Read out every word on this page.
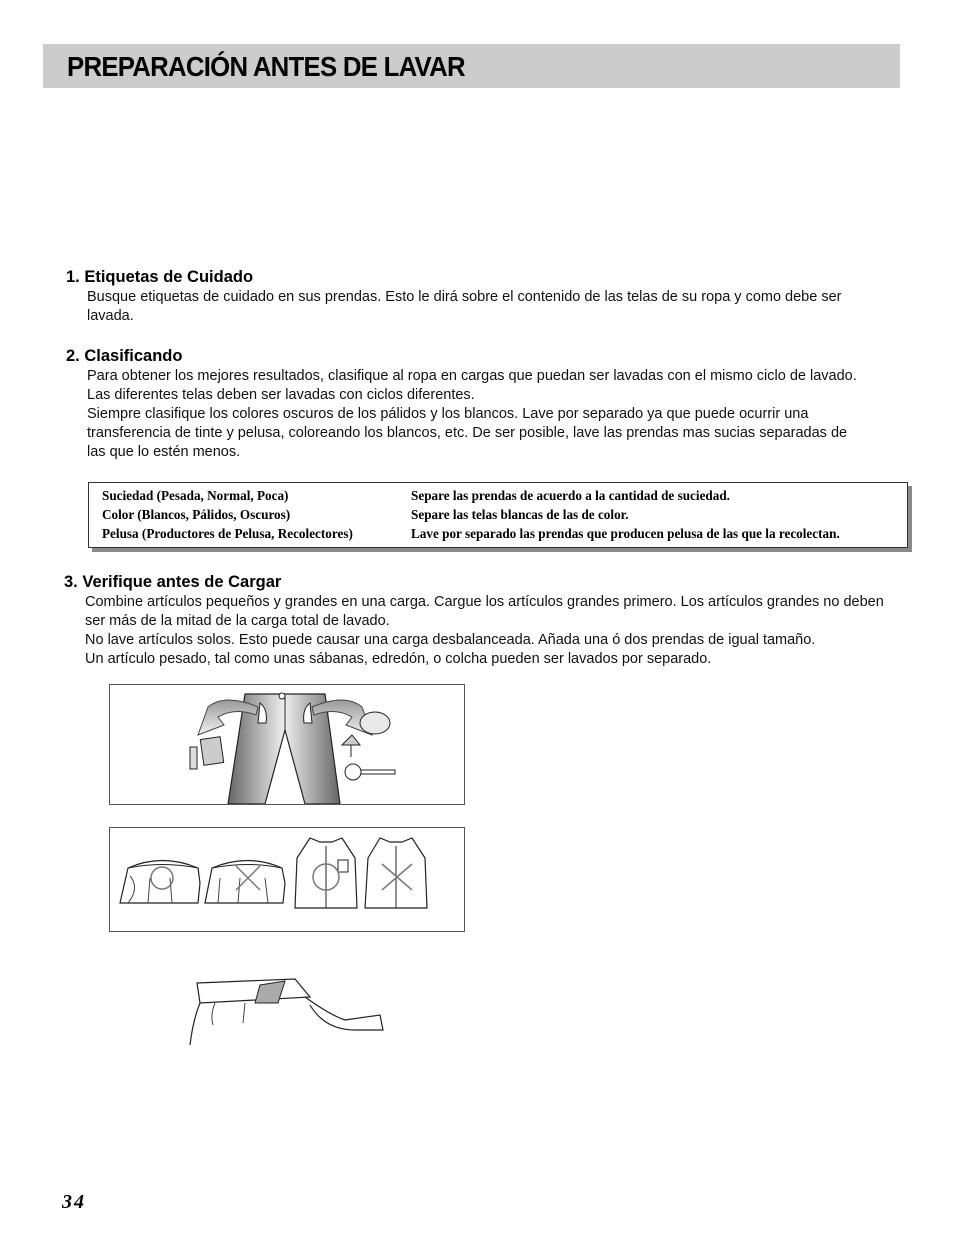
PREPARACIÓN ANTES DE LAVAR
1. Etiquetas de Cuidado

Busque etiquetas de cuidado en sus prendas. Esto le dirá sobre el contenido de las telas de su ropa y como debe ser lavada.

2. Clasificando

Para obtener los mejores resultados, clasifique al ropa en cargas que puedan ser lavadas con el mismo ciclo de lavado. Las diferentes telas deben ser lavadas con ciclos diferentes.

Siempre clasifique los colores oscuros de los pálidos y los blancos. Lave por separado ya que puede ocurrir una transferencia de tinte y pelusa, coloreando los blancos, etc. De ser posible, lave las prendas mas sucias separadas de las que lo estén menos.

Suciedad (Pesada, Normal, Poca)	Separe las prendas de acuerdo a la cantidad de suciedad.
Color (Blancos, Pálidos, Oscuros)	Separe las telas blancas de las de color.
Pelusa (Productores de Pelusa, Recolectores)	Lave por separado las prendas que producen pelusa de las que la recolectan.
3. Verifique antes de Cargar

Combine artículos pequeños y grandes en una carga. Cargue los artículos grandes primero. Los artículos grandes no deben ser más de la mitad de la carga total de lavado.

No lave artículos solos. Esto puede causar una carga desbalanceada. Añada una ó dos prendas de igual tamaño.

Un artículo pesado, tal como unas sábanas, edredón, o colcha pueden ser lavados por separado.

34
